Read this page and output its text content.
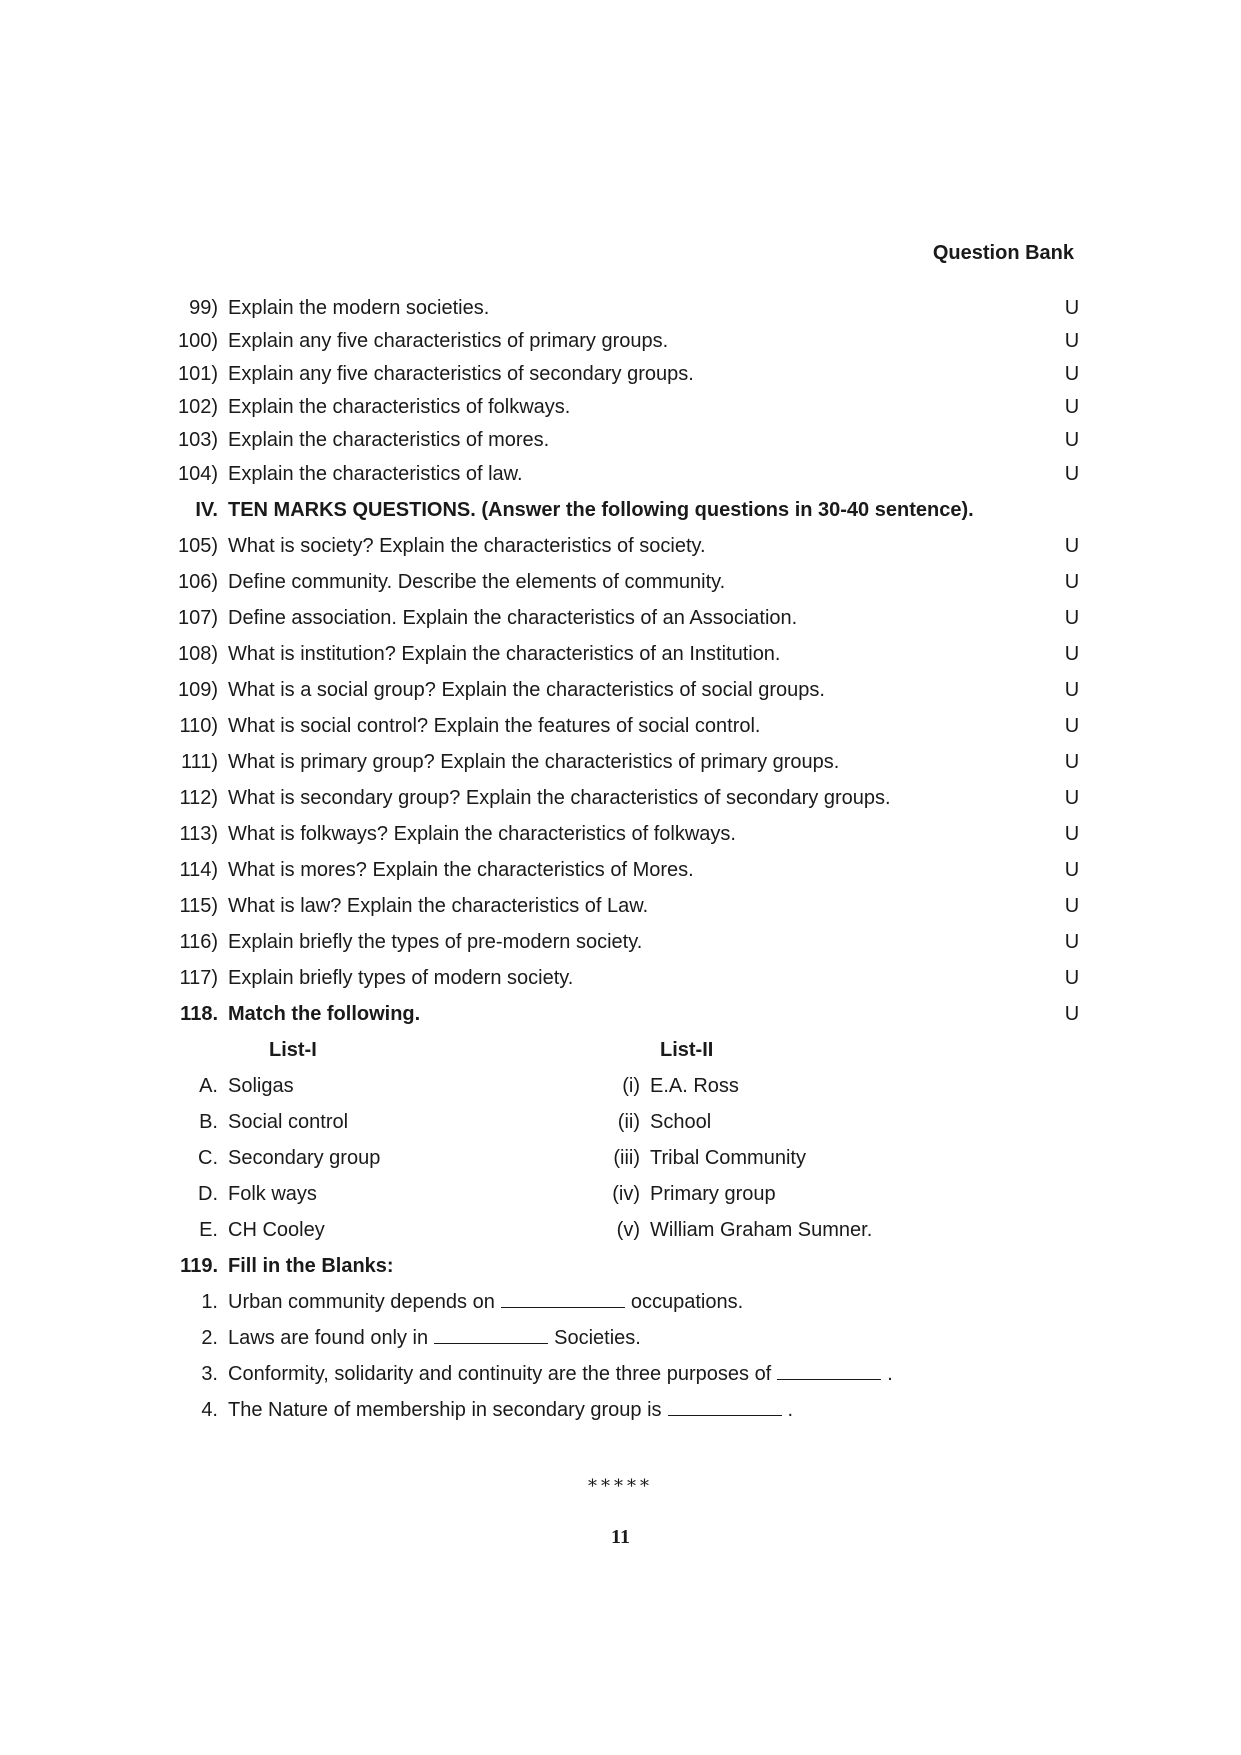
Question Bank
99) Explain the modern societies.	U
100) Explain any five characteristics of primary groups.	U
101) Explain any five characteristics of secondary groups.	U
102) Explain the characteristics of folkways.	U
103) Explain the characteristics of mores.	U
104) Explain the characteristics of law.	U
IV. TEN MARKS QUESTIONS. (Answer the following questions in 30-40 sentence).
105) What is society? Explain the characteristics of society.	U
106) Define community. Describe the elements of community.	U
107) Define association. Explain the characteristics of an Association.	U
108) What is institution? Explain the characteristics of an Institution.	U
109) What is a social group? Explain the characteristics of social groups.	U
110) What is social control? Explain the features of social control.	U
111) What is primary group? Explain the characteristics of primary groups.	U
112) What is secondary group? Explain the characteristics of secondary groups.	U
113) What is folkways? Explain the characteristics of folkways.	U
114) What is mores? Explain the characteristics of Mores.	U
115) What is law? Explain the characteristics of Law.	U
116) Explain briefly the types of pre-modern society.	U
117) Explain briefly types of modern society.	U
118. Match the following.	U
List-I	List-II
A. Soligas	(i) E.A. Ross
B. Social control	(ii) School
C. Secondary group	(iii) Tribal Community
D. Folk ways	(iv) Primary group
E. CH Cooley	(v) William Graham Sumner.
119. Fill in the Blanks:
1. Urban community depends on	occupations.
2. Laws are found only in	Societies.
3. Conformity, solidarity and continuity are the three purposes of	.
4. The Nature of membership in secondary group is	.
*****
11
